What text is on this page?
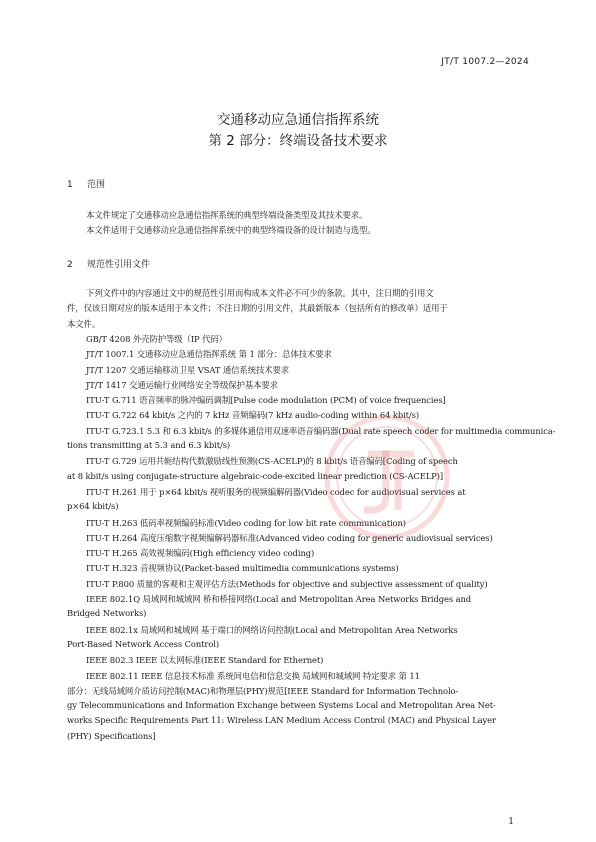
JT/T 1007.2—2024
交通移动应急通信指挥系统
第 2 部分：终端设备技术要求
1 范围
本文件规定了交通移动应急通信指挥系统的典型终端设备类型及其技术要求。
本文件适用于交通移动应急通信指挥系统中的典型终端设备的设计制造与选型。
2 规范性引用文件
下列文件中的内容通过文中的规范性引用而构成本文件必不可少的条款。其中，注日期的引用文
件，仅该日期对应的版本适用于本文件；不注日期的引用文件，其最新版本（包括所有的修改单）适用于
本文件。
GB/T 4208 外壳防护等级（IP 代码）
JT/T 1007.1 交通移动应急通信指挥系统 第 1 部分：总体技术要求
JT/T 1207 交通运输移动卫星 VSAT 通信系统技术要求
JT/T 1417 交通运输行业网络安全等级保护基本要求
ITU-T G.711 语音频率的脉冲编码调制[Pulse code modulation (PCM) of voice frequencies]
ITU-T G.722 64 kbit/s 之内的 7 kHz 音频编码(7 kHz audio-coding within 64 kbit/s)
ITU-T G.723.1 5.3 和 6.3 kbit/s 的多媒体通信用双速率语音编码器(Dual rate speech coder for multimedia communica-
tions transmitting at 5.3 and 6.3 kbit/s)
ITU-T G.729 运用共轭结构代数激励线性预测(CS-ACELP)的 8 kbit/s 语音编码[Coding of speech
at 8 kbit/s using conjugate-structure algebraic-code-excited linear prediction (CS-ACELP)]
ITU-T H.261 用于 p×64 kbit/s 视听服务的视频编解码器(Video codec for audiovisual services at
p×64 kbit/s)
ITU-T H.263 低码率视频编码标准(Video coding for low bit rate communication)
ITU-T H.264 高度压缩数字视频编解码器标准(Advanced video coding for generic audiovisual services)
ITU-T H.265 高效视频编码(High efficiency video coding)
ITU-T H.323 音视频协议(Packet-based multimedia communications systems)
ITU-T P.800 质量的客观和主观评估方法(Methods for objective and subjective assessment of quality)
IEEE 802.1Q 局域网和城域网 桥和桥接网络(Local and Metropolitan Area Networks Bridges and
Bridged Networks)
IEEE 802.1x 局域网和城域网 基于端口的网络访问控制(Local and Metropolitan Area Networks
Port-Based Network Access Control)
IEEE 802.3 IEEE 以太网标准(IEEE Standard for Ethernet)
IEEE 802.11 IEEE 信息技术标准 系统间电信和信息交换 局域网和城域网 特定要求 第 11
部分：无线局域网介质访问控制(MAC)和物理层(PHY)规范[IEEE Standard for Information Technolo-
gy Telecommunications and Information Exchange between Systems Local and Metropolitan Area Net-
works Specific Requirements Part 11: Wireless LAN Medium Access Control (MAC) and Physical Layer
(PHY) Specifications]
1
